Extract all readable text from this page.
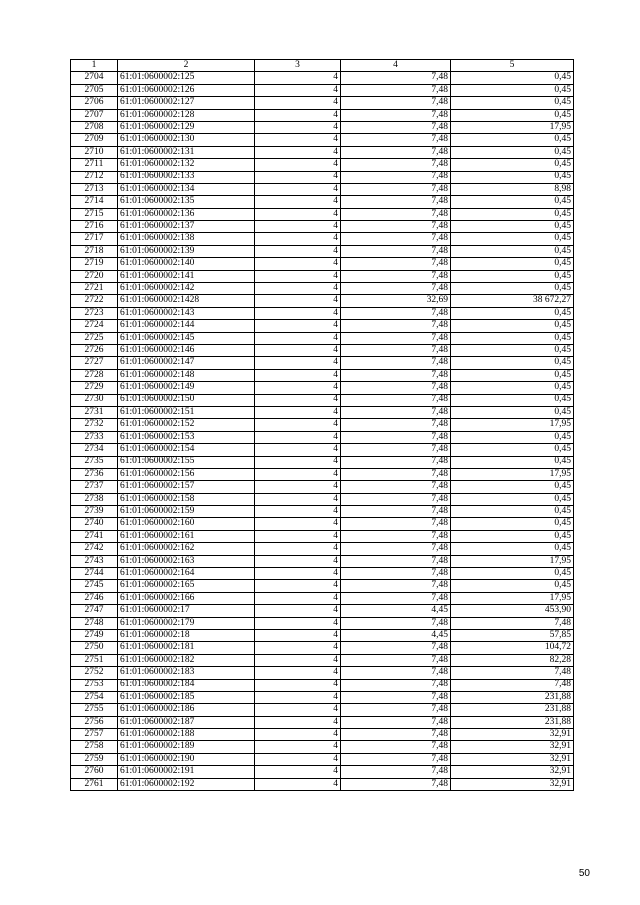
1	2	3	4	5
2704	61:01:0600002:125	4	7,48	0,45
2705	61:01:0600002:126	4	7,48	0,45
2706	61:01:0600002:127	4	7,48	0,45
2707	61:01:0600002:128	4	7,48	0,45
2708	61:01:0600002:129	4	7,48	17,95
2709	61:01:0600002:130	4	7,48	0,45
2710	61:01:0600002:131	4	7,48	0,45
2711	61:01:0600002:132	4	7,48	0,45
2712	61:01:0600002:133	4	7,48	0,45
2713	61:01:0600002:134	4	7,48	8,98
2714	61:01:0600002:135	4	7,48	0,45
2715	61:01:0600002:136	4	7,48	0,45
2716	61:01:0600002:137	4	7,48	0,45
2717	61:01:0600002:138	4	7,48	0,45
2718	61:01:0600002:139	4	7,48	0,45
2719	61:01:0600002:140	4	7,48	0,45
2720	61:01:0600002:141	4	7,48	0,45
2721	61:01:0600002:142	4	7,48	0,45
2722	61:01:0600002:1428	4	32,69	38 672,27
2723	61:01:0600002:143	4	7,48	0,45
2724	61:01:0600002:144	4	7,48	0,45
2725	61:01:0600002:145	4	7,48	0,45
2726	61:01:0600002:146	4	7,48	0,45
2727	61:01:0600002:147	4	7,48	0,45
2728	61:01:0600002:148	4	7,48	0,45
2729	61:01:0600002:149	4	7,48	0,45
2730	61:01:0600002:150	4	7,48	0,45
2731	61:01:0600002:151	4	7,48	0,45
2732	61:01:0600002:152	4	7,48	17,95
2733	61:01:0600002:153	4	7,48	0,45
2734	61:01:0600002:154	4	7,48	0,45
2735	61:01:0600002:155	4	7,48	0,45
2736	61:01:0600002:156	4	7,48	17,95
2737	61:01:0600002:157	4	7,48	0,45
2738	61:01:0600002:158	4	7,48	0,45
2739	61:01:0600002:159	4	7,48	0,45
2740	61:01:0600002:160	4	7,48	0,45
2741	61:01:0600002:161	4	7,48	0,45
2742	61:01:0600002:162	4	7,48	0,45
2743	61:01:0600002:163	4	7,48	17,95
2744	61:01:0600002:164	4	7,48	0,45
2745	61:01:0600002:165	4	7,48	0,45
2746	61:01:0600002:166	4	7,48	17,95
2747	61:01:0600002:17	4	4,45	453,90
2748	61:01:0600002:179	4	7,48	7,48
2749	61:01:0600002:18	4	4,45	57,85
2750	61:01:0600002:181	4	7,48	104,72
2751	61:01:0600002:182	4	7,48	82,28
2752	61:01:0600002:183	4	7,48	7,48
2753	61:01:0600002:184	4	7,48	7,48
2754	61:01:0600002:185	4	7,48	231,88
2755	61:01:0600002:186	4	7,48	231,88
2756	61:01:0600002:187	4	7,48	231,88
2757	61:01:0600002:188	4	7,48	32,91
2758	61:01:0600002:189	4	7,48	32,91
2759	61:01:0600002:190	4	7,48	32,91
2760	61:01:0600002:191	4	7,48	32,91
2761	61:01:0600002:192	4	7,48	32,91
50
